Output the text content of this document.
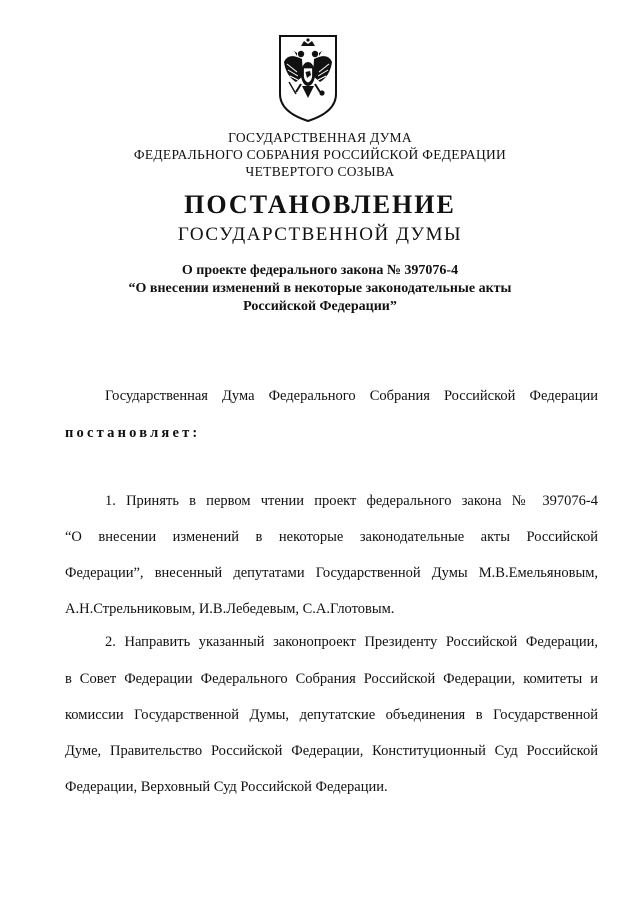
ГОСУДАРСТВЕННАЯ ДУМА
ФЕДЕРАЛЬНОГО СОБРАНИЯ РОССИЙСКОЙ ФЕДЕРАЦИИ
ЧЕТВЕРТОГО СОЗЫВА
ПОСТАНОВЛЕНИЕ
ГОСУДАРСТВЕННОЙ ДУМЫ
О проекте федерального закона № 397076-4
“О внесении изменений в некоторые законодательные акты
Российской Федерации”
Государственная Дума Федерального Собрания Российской Федерации
постановляет:
1. Принять в первом чтении проект федерального закона № 397076-4
“О внесении изменений в некоторые законодательные акты Российской
Федерации”, внесенный депутатами Государственной Думы М.В.Емельяновым,
А.Н.Стрельниковым, И.В.Лебедевым, С.А.Глотовым.
2. Направить указанный законопроект Президенту Российской Федерации,
в Совет Федерации Федерального Собрания Российской Федерации, комитеты и
комиссии Государственной Думы, депутатские объединения в Государственной
Думе, Правительство Российской Федерации, Конституционный Суд Российской
Федерации, Верховный Суд Российской Федерации.
